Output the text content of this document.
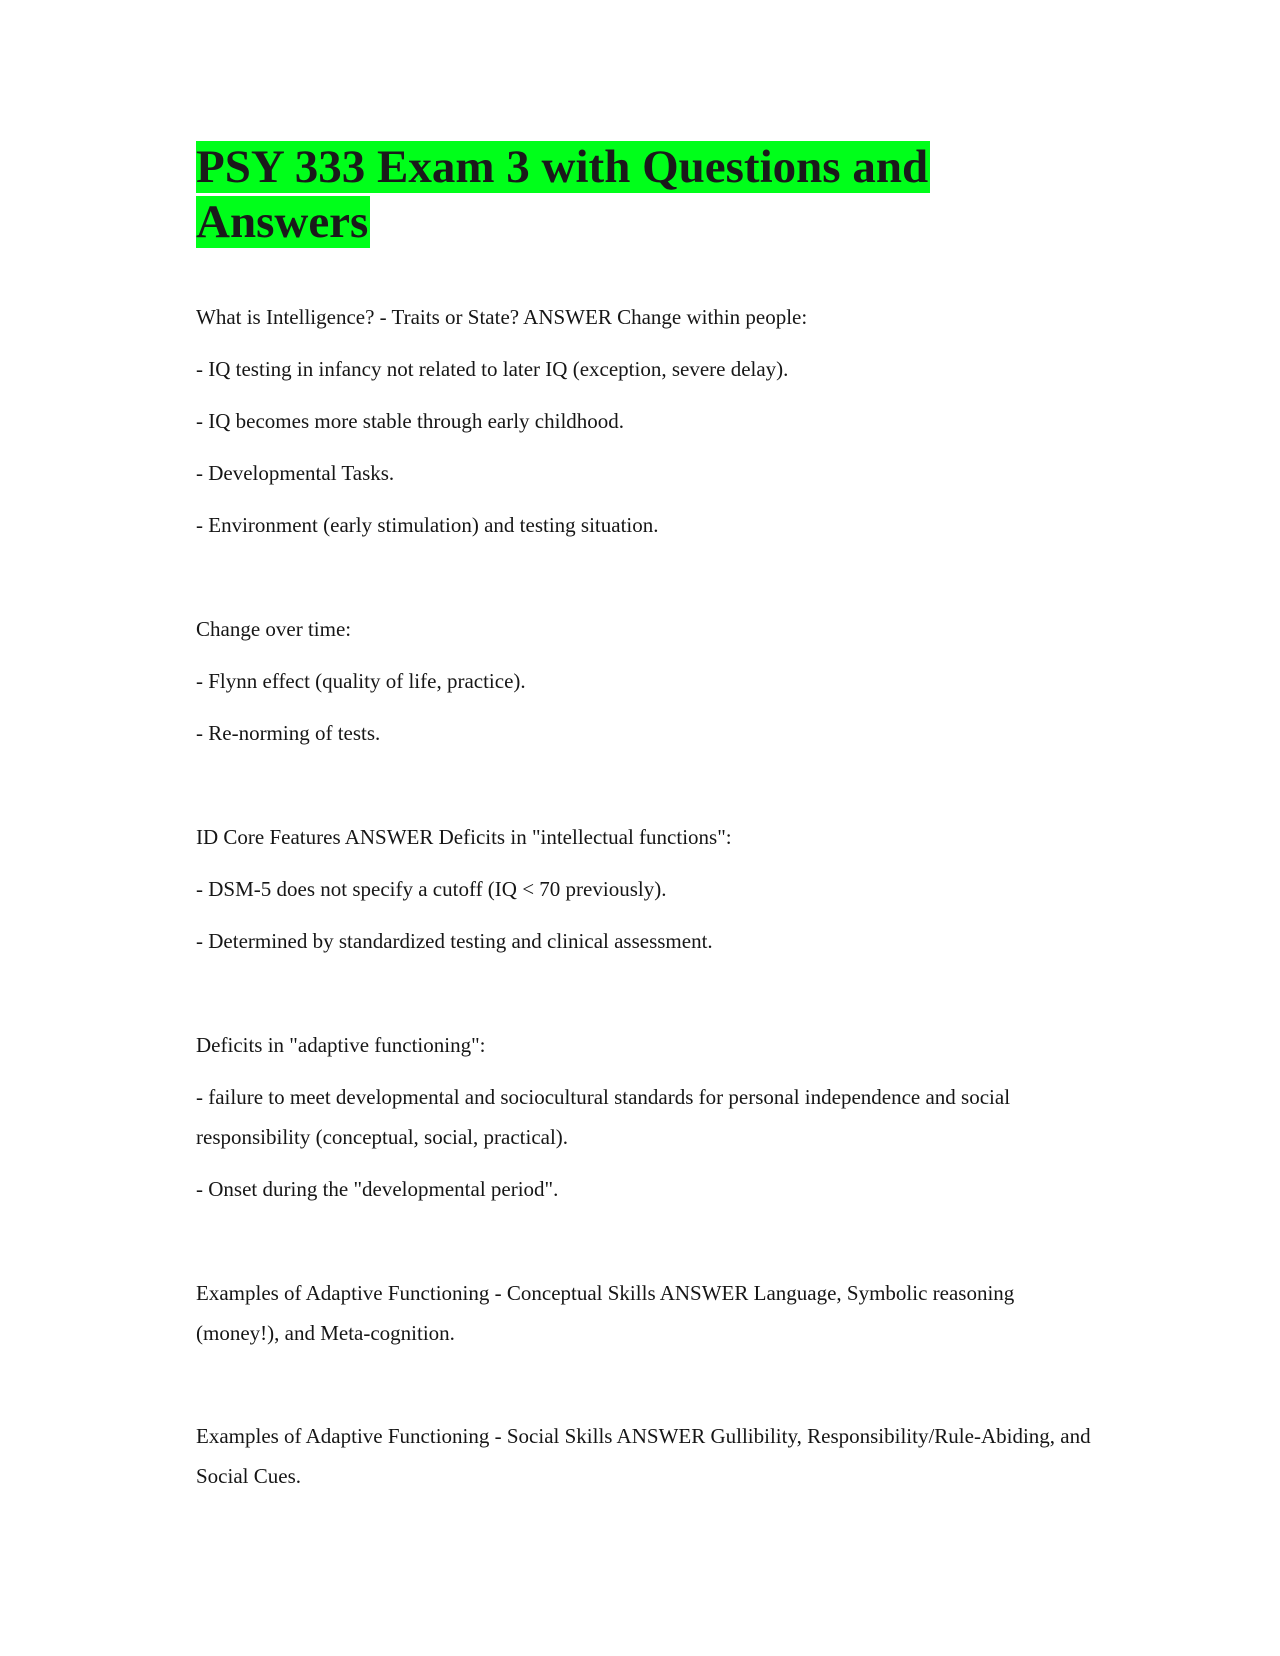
PSY 333 Exam 3 with Questions and Answers

What is Intelligence? - Traits or State? ANSWER Change within people:

- IQ testing in infancy not related to later IQ (exception, severe delay).

- IQ becomes more stable through early childhood.

- Developmental Tasks.

- Environment (early stimulation) and testing situation.

Change over time:

- Flynn effect (quality of life, practice).

- Re-norming of tests.

ID Core Features ANSWER Deficits in "intellectual functions":

- DSM-5 does not specify a cutoff (IQ < 70 previously).

- Determined by standardized testing and clinical assessment.

Deficits in "adaptive functioning":

- failure to meet developmental and sociocultural standards for personal independence and social responsibility (conceptual, social, practical).

- Onset during the "developmental period".

Examples of Adaptive Functioning - Conceptual Skills ANSWER Language, Symbolic reasoning (money!), and Meta-cognition.

Examples of Adaptive Functioning - Social Skills ANSWER Gullibility, Responsibility/Rule-Abiding, and Social Cues.
